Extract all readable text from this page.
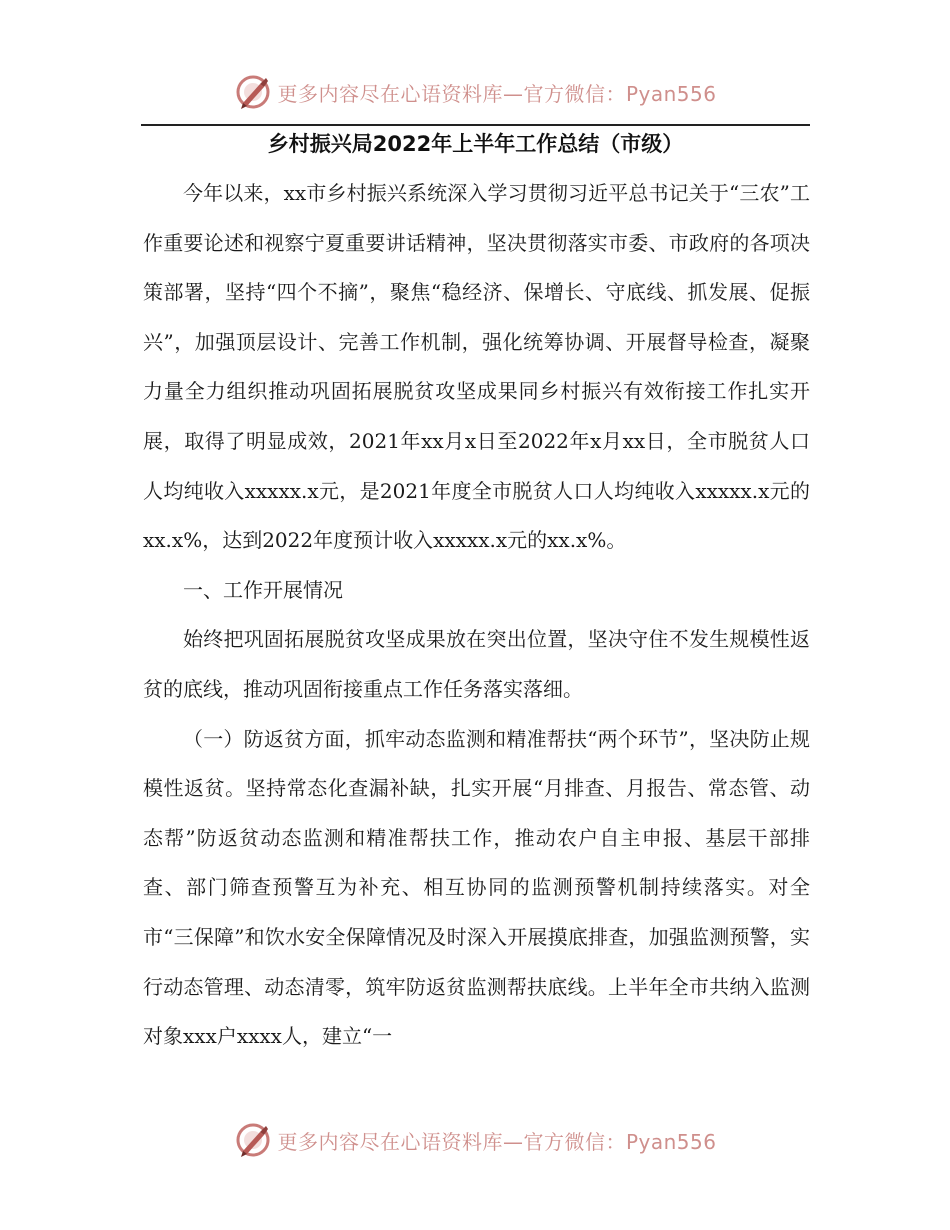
更多内容尽在心语资料库—官方微信：Pyan556
乡村振兴局2022年上半年工作总结（市级）

今年以来，xx市乡村振兴系统深入学习贯彻习近平总书记关于“三农”工作重要论述和视察宁夏重要讲话精神，坚决贯彻落实市委、市政府的各项决策部署，坚持“四个不摘”，聚焦“稳经济、保增长、守底线、抓发展、促振兴”，加强顶层设计、完善工作机制，强化统筹协调、开展督导检查，凝聚力量全力组织推动巩固拓展脱贫攻坚成果同乡村振兴有效衔接工作扎实开展，取得了明显成效，2021年xx月x日至2022年x月xx日，全市脱贫人口人均纯收入xxxxx.x元，是2021年度全市脱贫人口人均纯收入xxxxx.x元的xx.x%，达到2022年度预计收入xxxxx.x元的xx.x%。

一、工作开展情况

始终把巩固拓展脱贫攻坚成果放在突出位置，坚决守住不发生规模性返贫的底线，推动巩固衔接重点工作任务落实落细。

（一）防返贫方面，抓牢动态监测和精准帮扶“两个环节”，坚决防止规模性返贫。坚持常态化查漏补缺，扎实开展“月排查、月报告、常态管、动态帮”防返贫动态监测和精准帮扶工作，推动农户自主申报、基层干部排查、部门筛查预警互为补充、相互协同的监测预警机制持续落实。对全市“三保障”和饮水安全保障情况及时深入开展摸底排查，加强监测预警，实行动态管理、动态清零，筑牢防返贫监测帮扶底线。上半年全市共纳入监测对象xxx户xxxx人，建立“一

更多内容尽在心语资料库—官方微信：Pyan556
